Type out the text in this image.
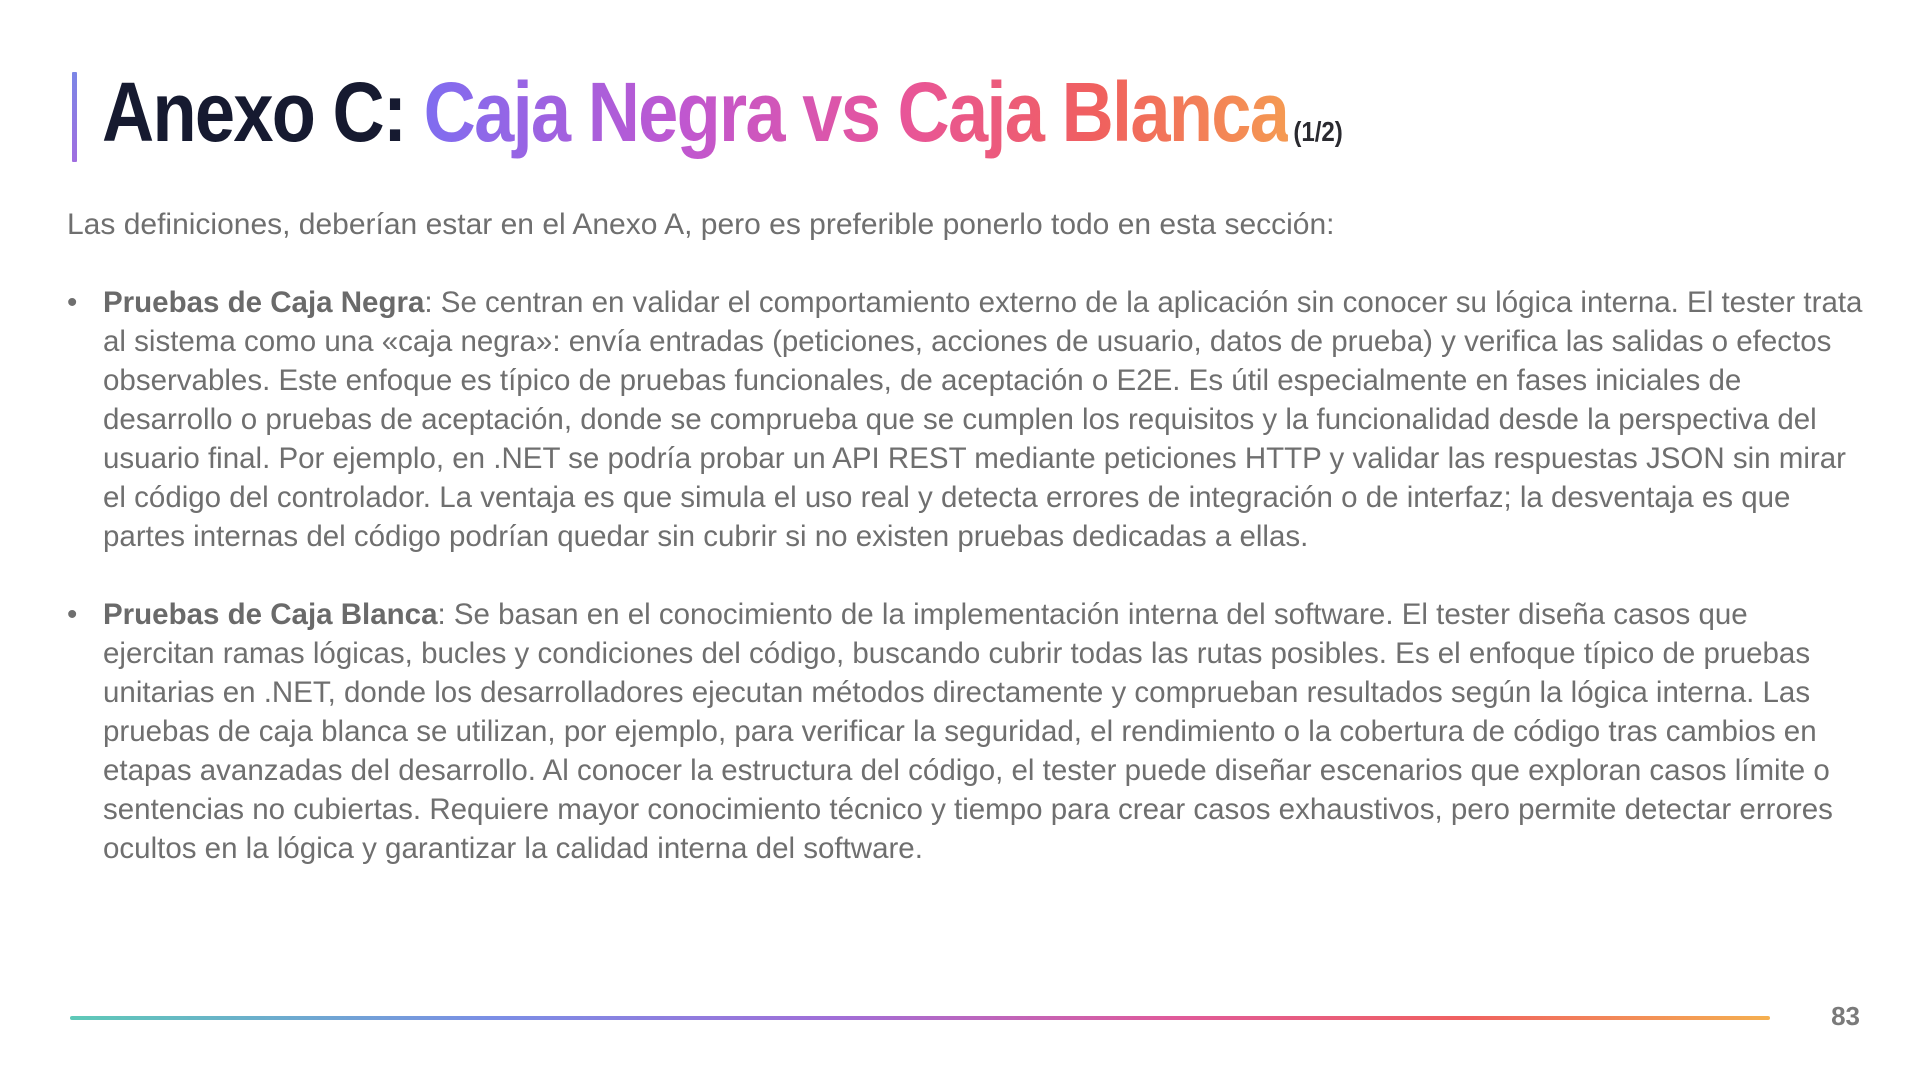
Anexo C: Caja Negra vs Caja Blanca (1/2)

Las definiciones, deberían estar en el Anexo A, pero es preferible ponerlo todo en esta sección:

• Pruebas de Caja Negra: Se centran en validar el comportamiento externo de la aplicación sin conocer su lógica interna. El tester trata al sistema como una «caja negra»: envía entradas (peticiones, acciones de usuario, datos de prueba) y verifica las salidas o efectos observables. Este enfoque es típico de pruebas funcionales, de aceptación o E2E. Es útil especialmente en fases iniciales de desarrollo o pruebas de aceptación, donde se comprueba que se cumplen los requisitos y la funcionalidad desde la perspectiva del usuario final. Por ejemplo, en .NET se podría probar un API REST mediante peticiones HTTP y validar las respuestas JSON sin mirar el código del controlador. La ventaja es que simula el uso real y detecta errores de integración o de interfaz; la desventaja es que partes internas del código podrían quedar sin cubrir si no existen pruebas dedicadas a ellas.
• Pruebas de Caja Blanca: Se basan en el conocimiento de la implementación interna del software. El tester diseña casos que ejercitan ramas lógicas, bucles y condiciones del código, buscando cubrir todas las rutas posibles. Es el enfoque típico de pruebas unitarias en .NET, donde los desarrolladores ejecutan métodos directamente y comprueban resultados según la lógica interna. Las pruebas de caja blanca se utilizan, por ejemplo, para verificar la seguridad, el rendimiento o la cobertura de código tras cambios en etapas avanzadas del desarrollo. Al conocer la estructura del código, el tester puede diseñar escenarios que exploran casos límite o sentencias no cubiertas. Requiere mayor conocimiento técnico y tiempo para crear casos exhaustivos, pero permite detectar errores ocultos en la lógica y garantizar la calidad interna del software.
83
